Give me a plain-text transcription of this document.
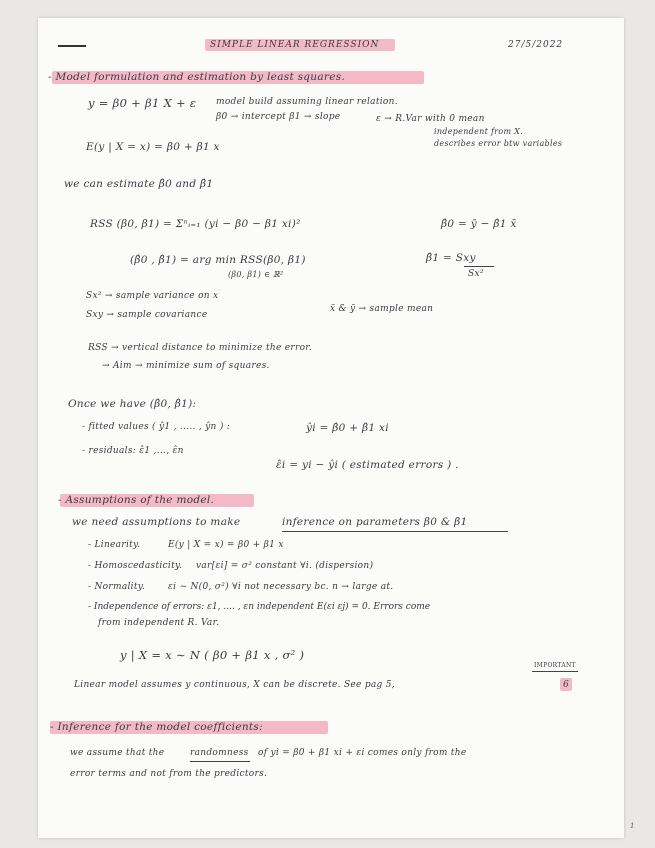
SIMPLE LINEAR REGRESSION	27/5/2022
- Model formulation and estimation by least squares.
y = β0 + β1 X + ε model build assuming linear relation.
β0 → intercept β1 → slope	ε → R.Var with 0 mean
independent from X.
describes error btw variables
E(y | X = x) = β0 + β1 x
we can estimate β̂0 and β̂1
RSS (β0, β1) = Σⁿᵢ₌₁ (yi − β0 − β1 xi)²	β̂0 = ȳ − β̂1 x̄
(β̂0 , β̂1) = arg min RSS(β0, β1)
(β0, β1) ∈ ℝ²
β̂1 = Sxy
Sx²
Sx² → sample variance on x
Sxy → sample covariance
x̄ & ȳ → sample mean
RSS → vertical distance to minimize the error.
→ Aim → minimize sum of squares.
Once we have (β̂0, β̂1):
- fitted values ( ŷ1 , ..... , ŷn ) :	ŷi = β̂0 + β̂1 xi
- residuals: ε̂1 ,..., ε̂n
ε̂i = yi − ŷi ( estimated errors ) .
- Assumptions of the model.
we need assumptions to make	inference on parameters β0 & β1
- Linearity.	E(y | X = x) = β0 + β1 x
- Homoscedasticity. var[εi] = σ² constant ∀i. (dispersion)
- Normality.	εi ∼ N(0, σ²) ∀i not necessary bc. n → large at.
- Independence of errors: ε1, .... , εn independent E(εi εj) = 0. Errors come
from independent R. Var.
y | X = x ∼ N ( β0 + β1 x , σ² )
IMPORTANT
Linear model assumes y continuous, X can be discrete. See pag 5,	6
- Inference for the model coefficients:
we assume that the	randomness of yi = β0 + β1 xi + εi comes only from the
error terms and not from the predictors.
1
